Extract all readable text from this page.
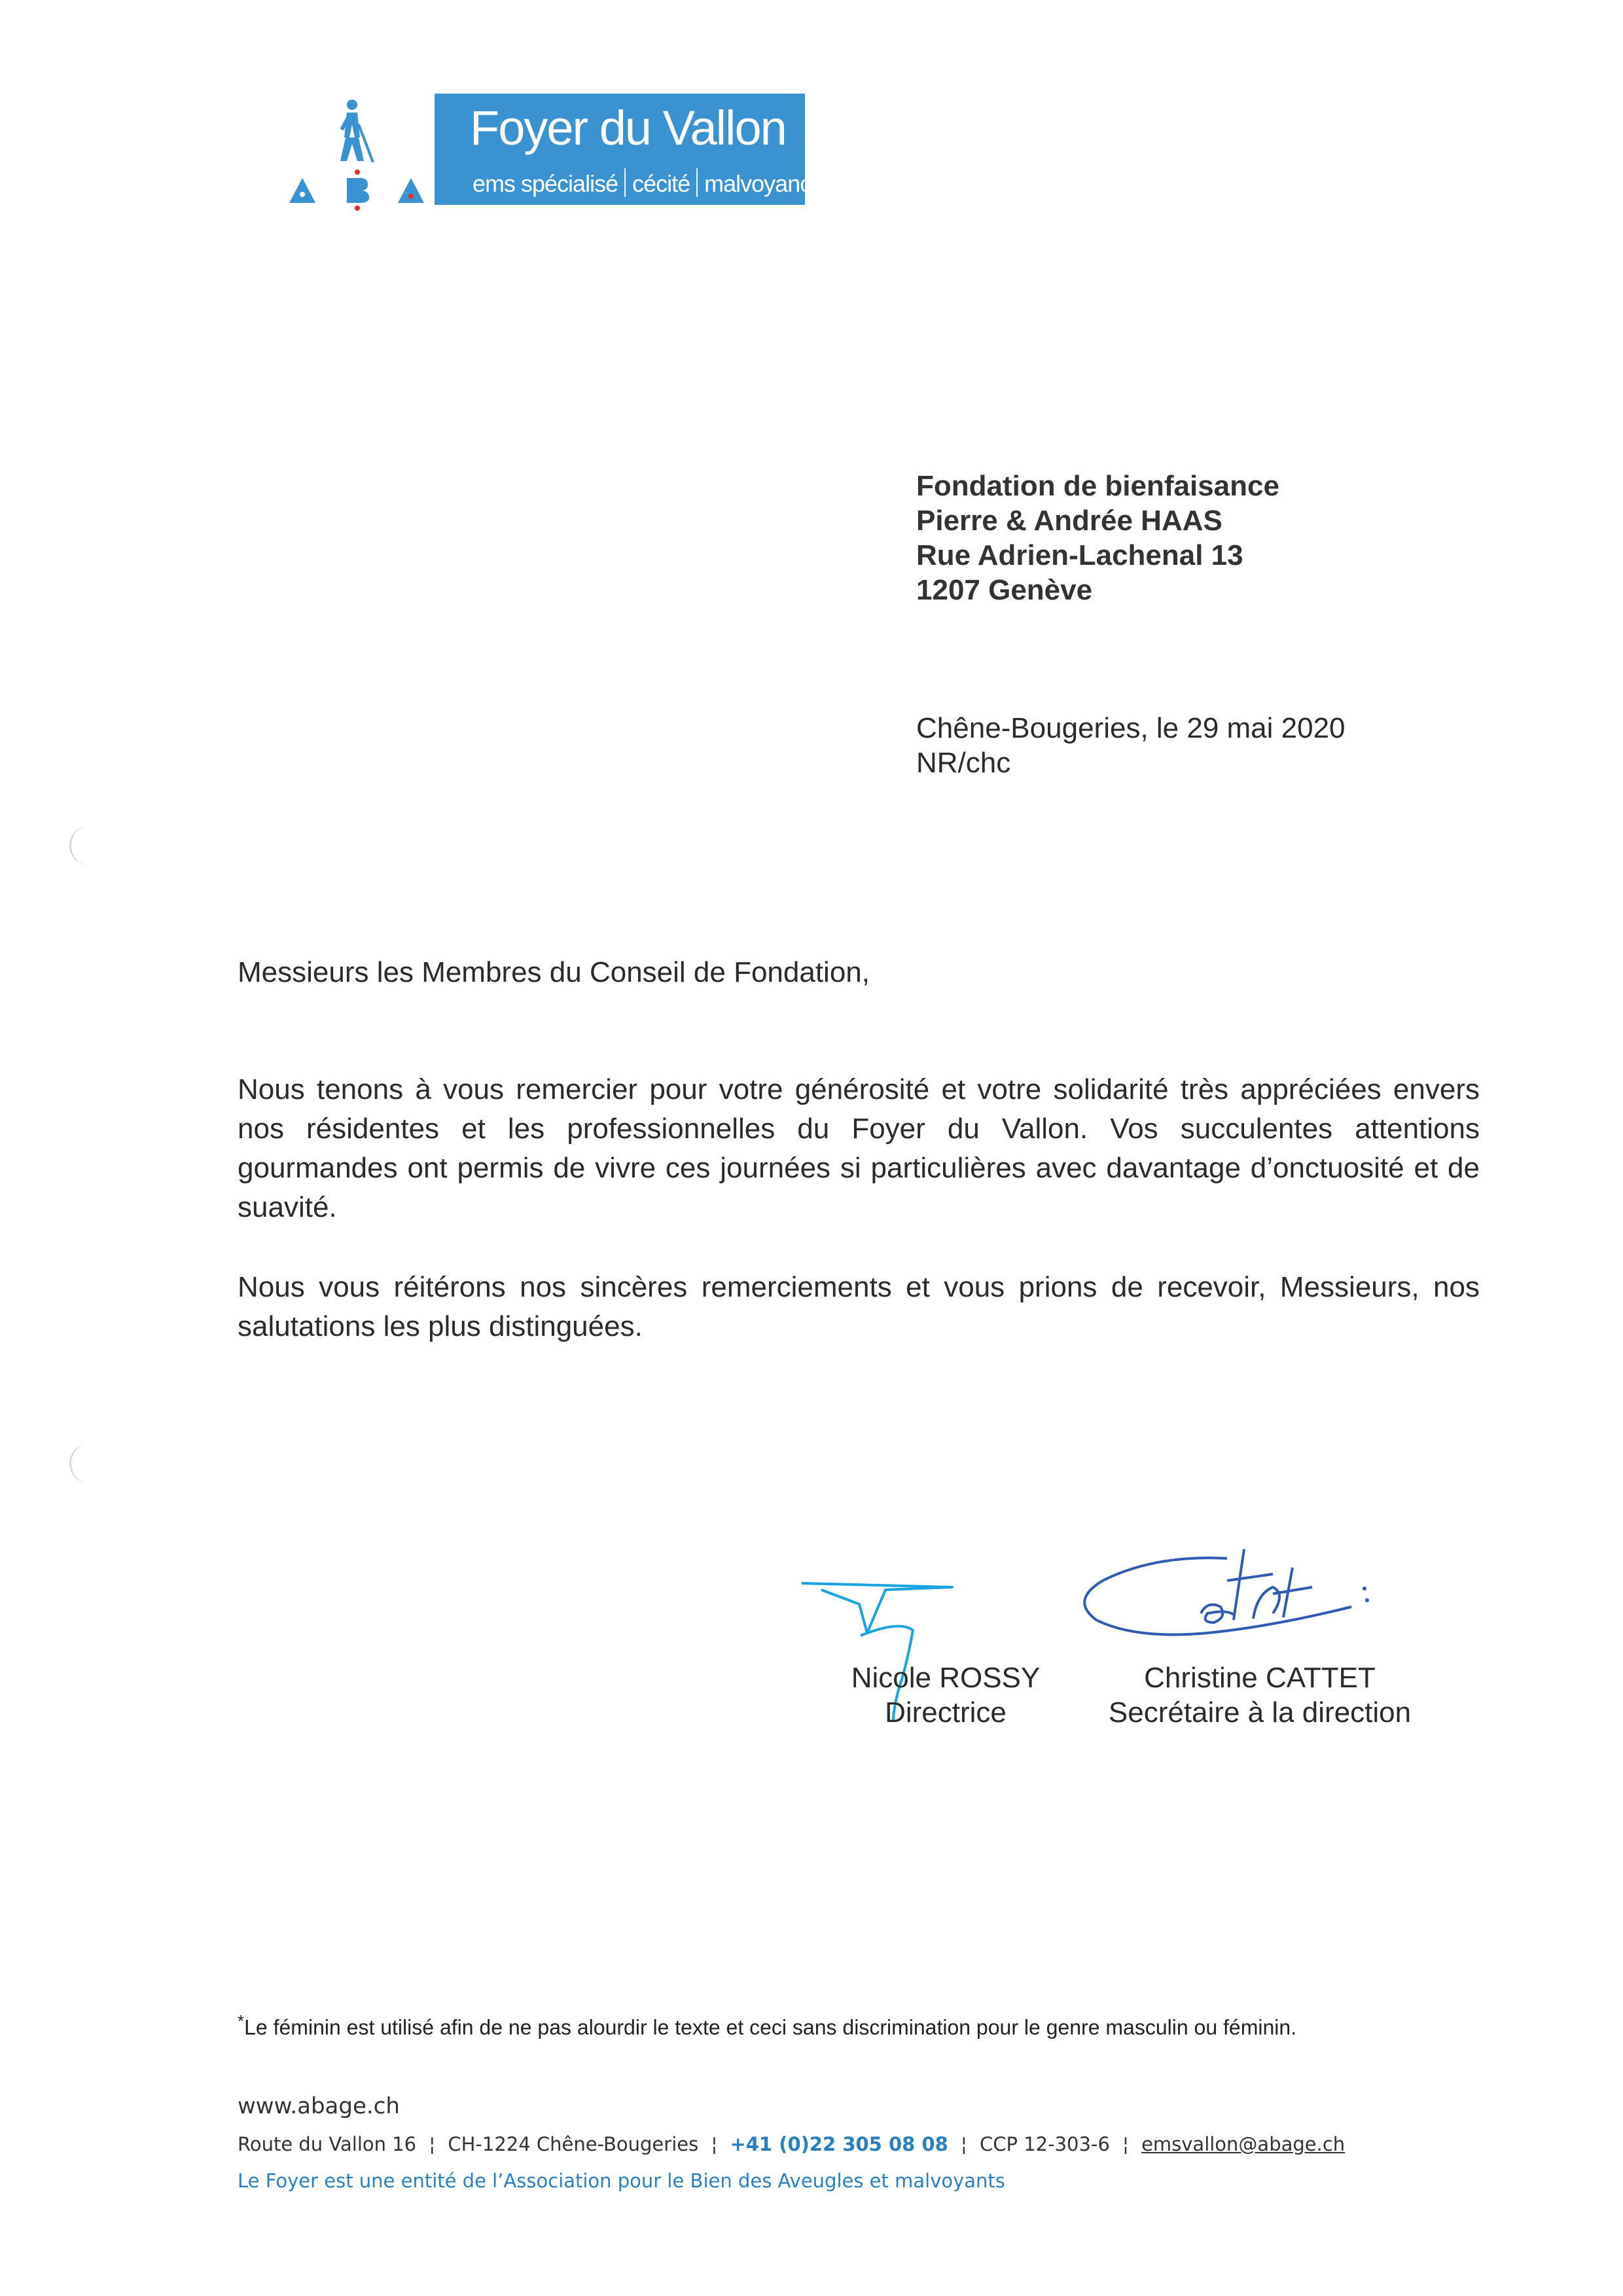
Foyer du Vallon
ems spécialisé cécité malvoyance
Fondation de bienfaisance
Pierre & Andrée HAAS
Rue Adrien-Lachenal 13
1207 Genève
Chêne-Bougeries, le 29 mai 2020
NR/chc
Messieurs les Membres du Conseil de Fondation,
Nous tenons à vous remercier pour votre générosité et votre solidarité très appréciées envers nos résidentes et les professionnelles du Foyer du Vallon. Vos succulentes attentions gourmandes ont permis de vivre ces journées si particulières avec davantage d’onctuosité et de suavité.
Nous vous réitérons nos sincères remerciements et vous prions de recevoir, Messieurs, nos salutations les plus distinguées.
Nicole ROSSY
Directrice
Christine CATTET
Secrétaire à la direction
*Le féminin est utilisé afin de ne pas alourdir le texte et ceci sans discrimination pour le genre masculin ou féminin.
www.abage.ch
Route du Vallon 16 ¦ CH-1224 Chêne-Bougeries ¦ +41 (0)22 305 08 08 ¦ CCP 12-303-6 ¦ emsvallon@abage.ch
Le Foyer est une entité de l’Association pour le Bien des Aveugles et malvoyants
